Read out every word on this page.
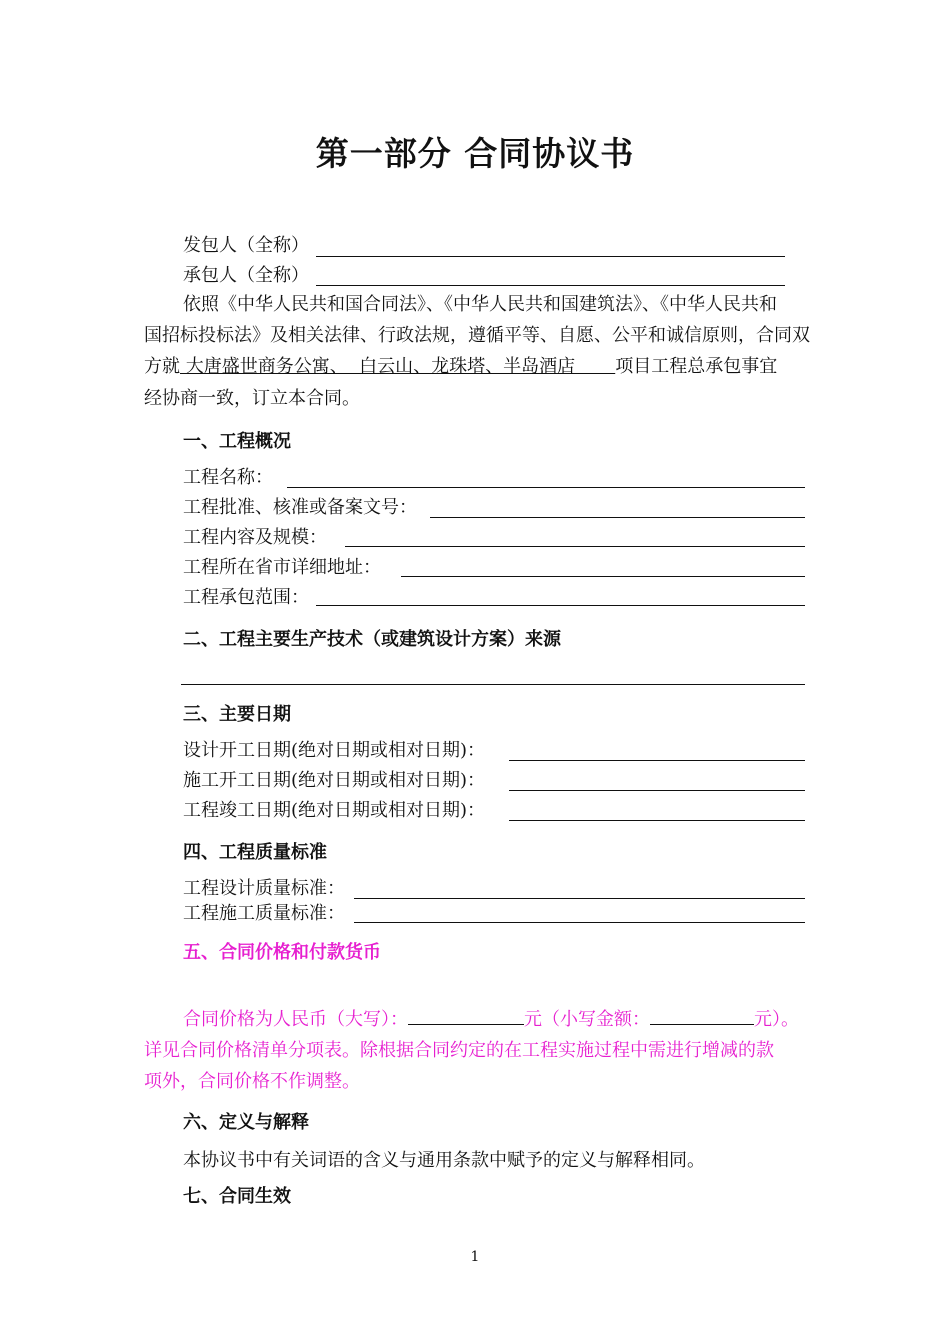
第一部分 合同协议书
发包人（全称）
承包人（全称）
依照《中华人民共和国合同法》、《中华人民共和国建筑法》、《中华人民共和
国招标投标法》及相关法律、行政法规，遵循平等、自愿、公平和诚信原则，合同双
方就 大唐盛世商务公寓、  白云山、龙珠塔、半岛酒店       项目工程总承包事宜
经协商一致，订立本合同。
一、工程概况
工程名称：
工程批准、核准或备案文号：
工程内容及规模：
工程所在省市详细地址：
工程承包范围：
二、工程主要生产技术（或建筑设计方案）来源
三、主要日期
设计开工日期(绝对日期或相对日期)：
施工开工日期(绝对日期或相对日期)：
工程竣工日期(绝对日期或相对日期)：
四、工程质量标准
工程设计质量标准：
工程施工质量标准：
五、合同价格和付款货币
合同价格为人民币（大写）：	元（小写金额：	元）。
详见合同价格清单分项表。除根据合同约定的在工程实施过程中需进行增减的款
项外，合同价格不作调整。
六、定义与解释
本协议书中有关词语的含义与通用条款中赋予的定义与解释相同。
七、合同生效
1
